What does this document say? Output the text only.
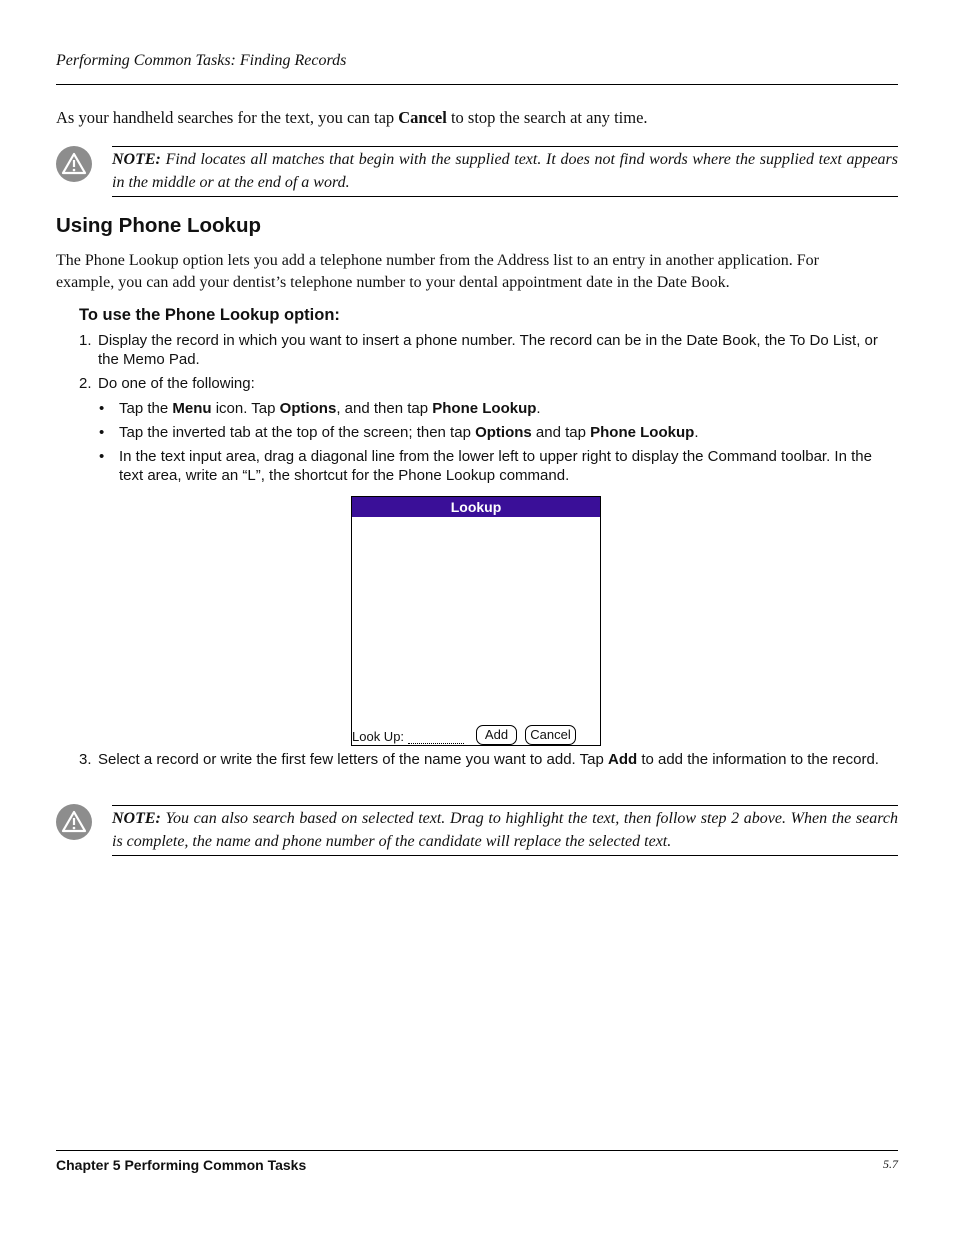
Performing Common Tasks: Finding Records

As your handheld searches for the text, you can tap Cancel to stop the search at any time.

NOTE: Find locates all matches that begin with the supplied text. It does not find words where the supplied text appears in the middle or at the end of a word.
Using Phone Lookup

The Phone Lookup option lets you add a telephone number from the Address list to an entry in another application. For example, you can add your dentist’s telephone number to your dental appointment date in the Date Book.

To use the Phone Lookup option:
1. Display the record in which you want to insert a phone number. The record can be in the Date Book, the To Do List, or the Memo Pad.
2. Do one of the following:
• Tap the Menu icon. Tap Options, and then tap Phone Lookup.
• Tap the inverted tab at the top of the screen; then tap Options and tap Phone Lookup.
• In the text input area, drag a diagonal line from the lower left to upper right to display the Command toolbar. In the text area, write an “L”, the shortcut for the Phone Lookup command.
Lookup
Look Up:	Add	Cancel
3. Select a record or write the first few letters of the name you want to add. Tap Add to add the information to the record.
NOTE: You can also search based on selected text. Drag to highlight the text, then follow step 2 above. When the search is complete, the name and phone number of the candidate will replace the selected text.
Chapter 5 Performing Common Tasks	5.7
